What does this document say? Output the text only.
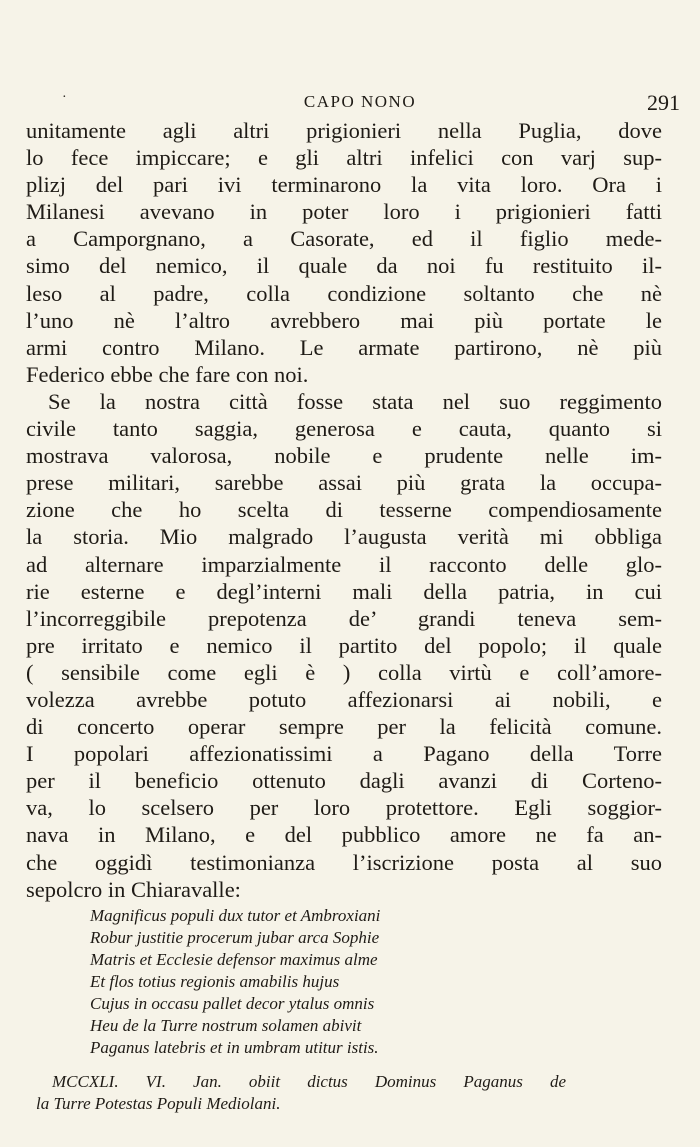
·	CAPO NONO	291
unitamente agli altri prigionieri nella Puglia, dove
lo fece impiccare; e gli altri infelici con varj sup-
plizj del pari ivi terminarono la vita loro. Ora i
Milanesi avevano in poter loro i prigionieri fatti
a Camporgnano, a Casorate, ed il figlio mede-
simo del nemico, il quale da noi fu restituito il-
leso al padre, colla condizione soltanto che nè
l’uno nè l’altro avrebbero mai più portate le
armi contro Milano. Le armate partirono, nè più
Federico ebbe che fare con noi.
Se la nostra città fosse stata nel suo reggimento
civile tanto saggia, generosa e cauta, quanto si
mostrava valorosa, nobile e prudente nelle im-
prese militari, sarebbe assai più grata la occupa-
zione che ho scelta di tesserne compendiosamente
la storia. Mio malgrado l’augusta verità mi obbliga
ad alternare imparzialmente il racconto delle glo-
rie esterne e degl’interni mali della patria, in cui
l’incorreggibile prepotenza de’ grandi teneva sem-
pre irritato e nemico il partito del popolo; il quale
( sensibile come egli è ) colla virtù e coll’amore-
volezza avrebbe potuto affezionarsi ai nobili, e
di concerto operar sempre per la felicità comune.
I popolari affezionatissimi a Pagano della Torre
per il beneficio ottenuto dagli avanzi di Corteno-
va, lo scelsero per loro protettore. Egli soggior-
nava in Milano, e del pubblico amore ne fa an-
che oggidì testimonianza l’iscrizione posta al suo
sepolcro in Chiaravalle:
Magnificus populi dux tutor et Ambroxiani
Robur justitie procerum jubar arca Sophie
Matris et Ecclesie defensor maximus alme
Et flos totius regionis amabilis hujus
Cujus in occasu pallet decor ytalus omnis
Heu de la Turre nostrum solamen abivit
Paganus latebris et in umbram utitur istis.
MCCXLI. VI. Jan. obiit dictus Dominus Paganus de
la Turre Potestas Populi Mediolani.
